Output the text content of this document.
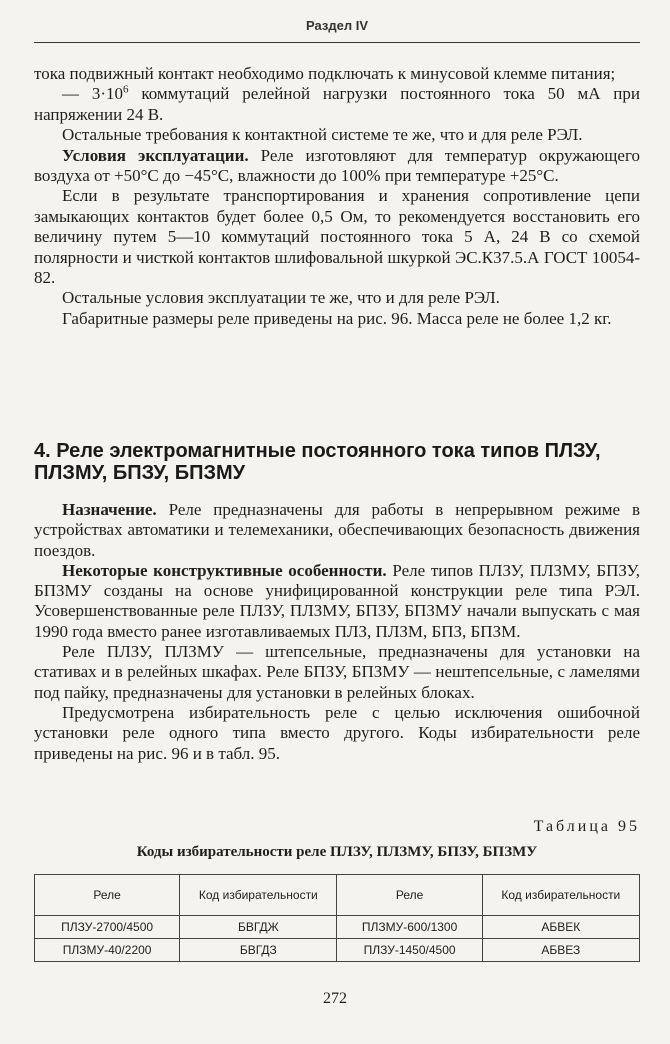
Раздел IV

тока подвижный контакт необходимо подключать к минусовой клемме питания;

— $3\cdot 10^6$ коммутаций релейной нагрузки постоянного тока 50 мА при напряжении 24 В.

Остальные требования к контактной системе те же, что и для реле РЭЛ.

Условия эксплуатации. Реле изготовляют для температур окружающего воздуха от +50°С до −45°С, влажности до 100% при температуре +25°С.

Если в результате транспортирования и хранения сопротивление цепи замыкающих контактов будет более 0,5 Ом, то рекомендуется восстановить его величину путем 5—10 коммутаций постоянного тока 5 А, 24 В со схемой полярности и чисткой контактов шлифовальной шкуркой ЭС.К37.5.А ГОСТ 10054-82.

Остальные условия эксплуатации те же, что и для реле РЭЛ.

Габаритные размеры реле приведены на рис. 96. Масса реле не более 1,2 кг.

4. Реле электромагнитные постоянного тока типов ПЛЗУ, ПЛЗМУ, БПЗУ, БПЗМУ

Назначение. Реле предназначены для работы в непрерывном режиме в устройствах автоматики и телемеханики, обеспечивающих безопасность движения поездов.

Некоторые конструктивные особенности. Реле типов ПЛЗУ, ПЛЗМУ, БПЗУ, БПЗМУ созданы на основе унифицированной конструкции реле типа РЭЛ. Усовершенствованные реле ПЛЗУ, ПЛЗМУ, БПЗУ, БПЗМУ начали выпускать с мая 1990 года вместо ранее изготавливаемых ПЛЗ, ПЛЗМ, БПЗ, БПЗМ.

Реле ПЛЗУ, ПЛЗМУ — штепсельные, предназначены для установки на стативах и в релейных шкафах. Реле БПЗУ, БПЗМУ — нештепсельные, с ламелями под пайку, предназначены для установки в релейных блоках.

Предусмотрена избирательность реле с целью исключения ошибочной установки реле одного типа вместо другого. Коды избирательности реле приведены на рис. 96 и в табл. 95.

Таблица 95
Коды избирательности реле ПЛЗУ, ПЛЗМУ, БПЗУ, БПЗМУ
Реле	Код избирательности	Реле	Код избирательности
ПЛЗУ-2700/4500	БВГДЖ	ПЛЗМУ-600/1300	АБВЕК
ПЛЗМУ-40/2200	БВГДЗ	ПЛЗУ-1450/4500	АБВЕЗ
272
